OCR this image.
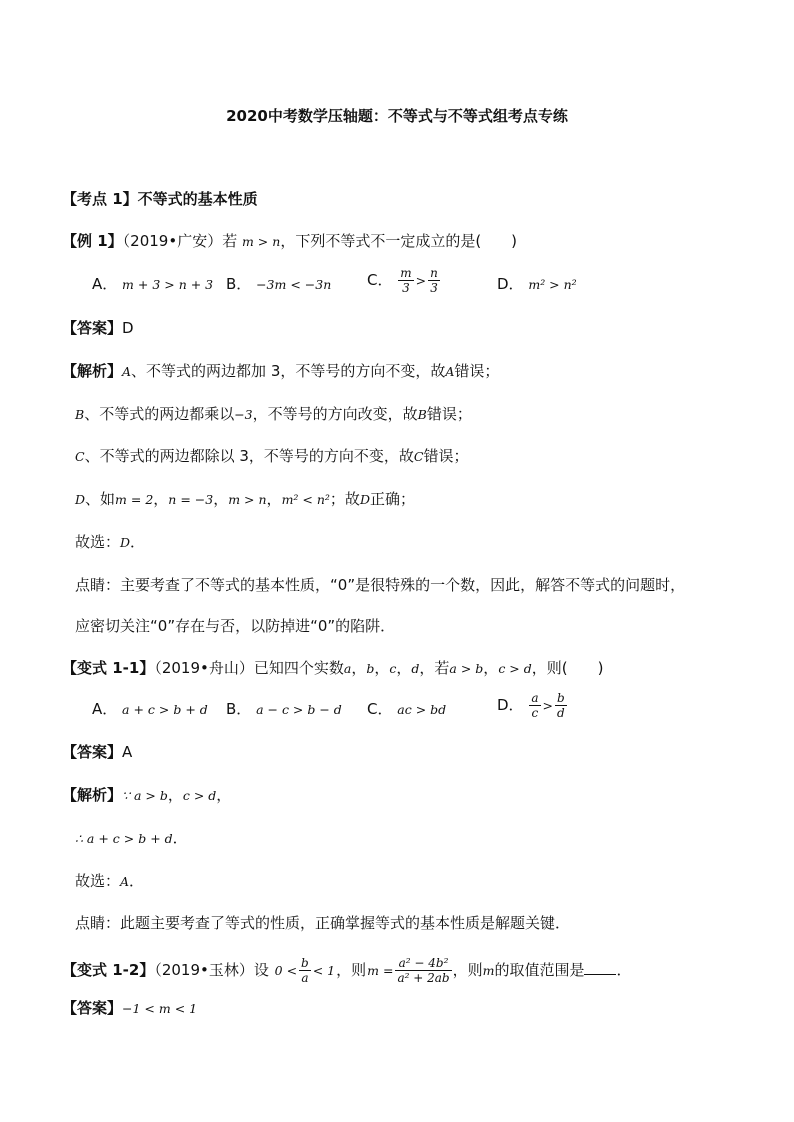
2020中考数学压轴题：不等式与不等式组考点专练
【考点 1】不等式的基本性质
【例 1】（2019•广安）若 m > n，下列不等式不一定成立的是(　　)
A． m + 3 > n + 3 B． −3m < −3n C． $\frac{m}{3} > \frac{n}{3}$	D． m² > n²
【答案】D
【解析】A、不等式的两边都加 3，不等号的方向不变，故A错误；
B、不等式的两边都乘以−3，不等号的方向改变，故B错误；
C、不等式的两边都除以 3，不等号的方向不变，故C错误；
D、如m = 2，n = −3，m > n，m² < n²；故D正确；
故选：D．
点睛：主要考查了不等式的基本性质，“0”是很特殊的一个数，因此，解答不等式的问题时，
应密切关注“0”存在与否，以防掉进“0”的陷阱．
【变式 1-1】（2019•舟山）已知四个实数a，b，c，d，若a > b，c > d，则(　　)
A． a + c > b + d B． a − c > b − d C． ac > bd	D． $\frac{a}{c} > \frac{b}{d}$
【答案】A
【解析】∵ a > b，c > d，
∴ a + c > b + d．
故选：A．
点睛：此题主要考查了等式的性质，正确掌握等式的基本性质是解题关键．
【变式 1-2】（2019•玉林）设 $0 < \frac{b}{a} < 1$，则$m = \frac{\text{a² − 4b²}}{\text{a² + 2ab}}$ ，则m的取值范围是 ．
【答案】−1 < m < 1
